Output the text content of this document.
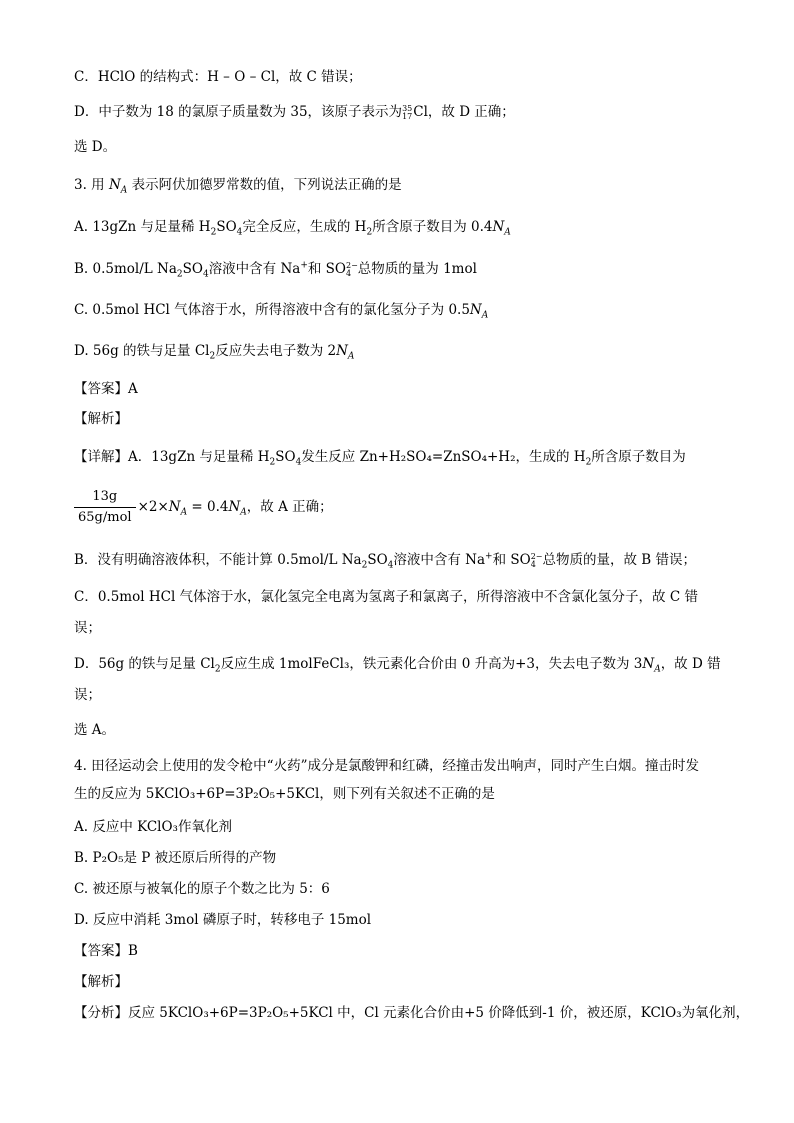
C．HClO 的结构式：H – O – Cl，故 C 错误；
D．中子数为 18 的氯原子质量数为 35，该原子表示为 35
17 Cl，故 D 正确；
选 D。
3. 用 $N_A$ 表示阿伏加德罗常数的值，下列说法正确的是
A. 13gZn 与足量稀 $H_2SO_4$完全反应，生成的 $H_2$所含原子数目为 $0.4N_A$
B. 0.5mol/L $Na_2SO_4$溶液中含有 Na+和 SO 2−
4 总物质的量为 1mol
C. 0.5mol HCl 气体溶于水，所得溶液中含有的氯化氢分子为 $0.5N_A$
D. 56g 的铁与足量 $Cl_2$反应失去电子数为 $2N_A$
【答案】A
【解析】
【详解】A．13gZn 与足量稀 $H_2SO_4$发生反应 Zn+H₂SO₄=ZnSO₄+H₂，生成的 $H_2$所含原子数目为
$\frac{13g}{\text{65g/mol}} \times 2\times N_A = 0.4N_A$，故 A 正确；
B．没有明确溶液体积，不能计算 0.5mol/L $Na_2SO_4$溶液中含有 Na+和 SO 2−
4 总物质的量，故 B 错误；
C．0.5mol HCl 气体溶于水，氯化氢完全电离为氢离子和氯离子，所得溶液中不含氯化氢分子，故 C 错
误；
D．56g 的铁与足量 $Cl_2$反应生成 1molFeCl₃，铁元素化合价由 0 升高为+3，失去电子数为 $3N_A$，故 D 错
误；
选 A。
4. 田径运动会上使用的发令枪中“火药”成分是氯酸钾和红磷，经撞击发出响声，同时产生白烟。撞击时发
生的反应为 5KClO₃+6P=3P₂O₅+5KCl，则下列有关叙述不正确的是
A. 反应中 KClO₃作氧化剂
B. P₂O₅是 P 被还原后所得的产物
C. 被还原与被氧化的原子个数之比为 5：6
D. 反应中消耗 3mol 磷原子时，转移电子 15mol
【答案】B
【解析】
【分析】反应 5KClO₃+6P=3P₂O₅+5KCl 中，Cl 元素化合价由+5 价降低到-1 价，被还原，KClO₃为氧化剂，
